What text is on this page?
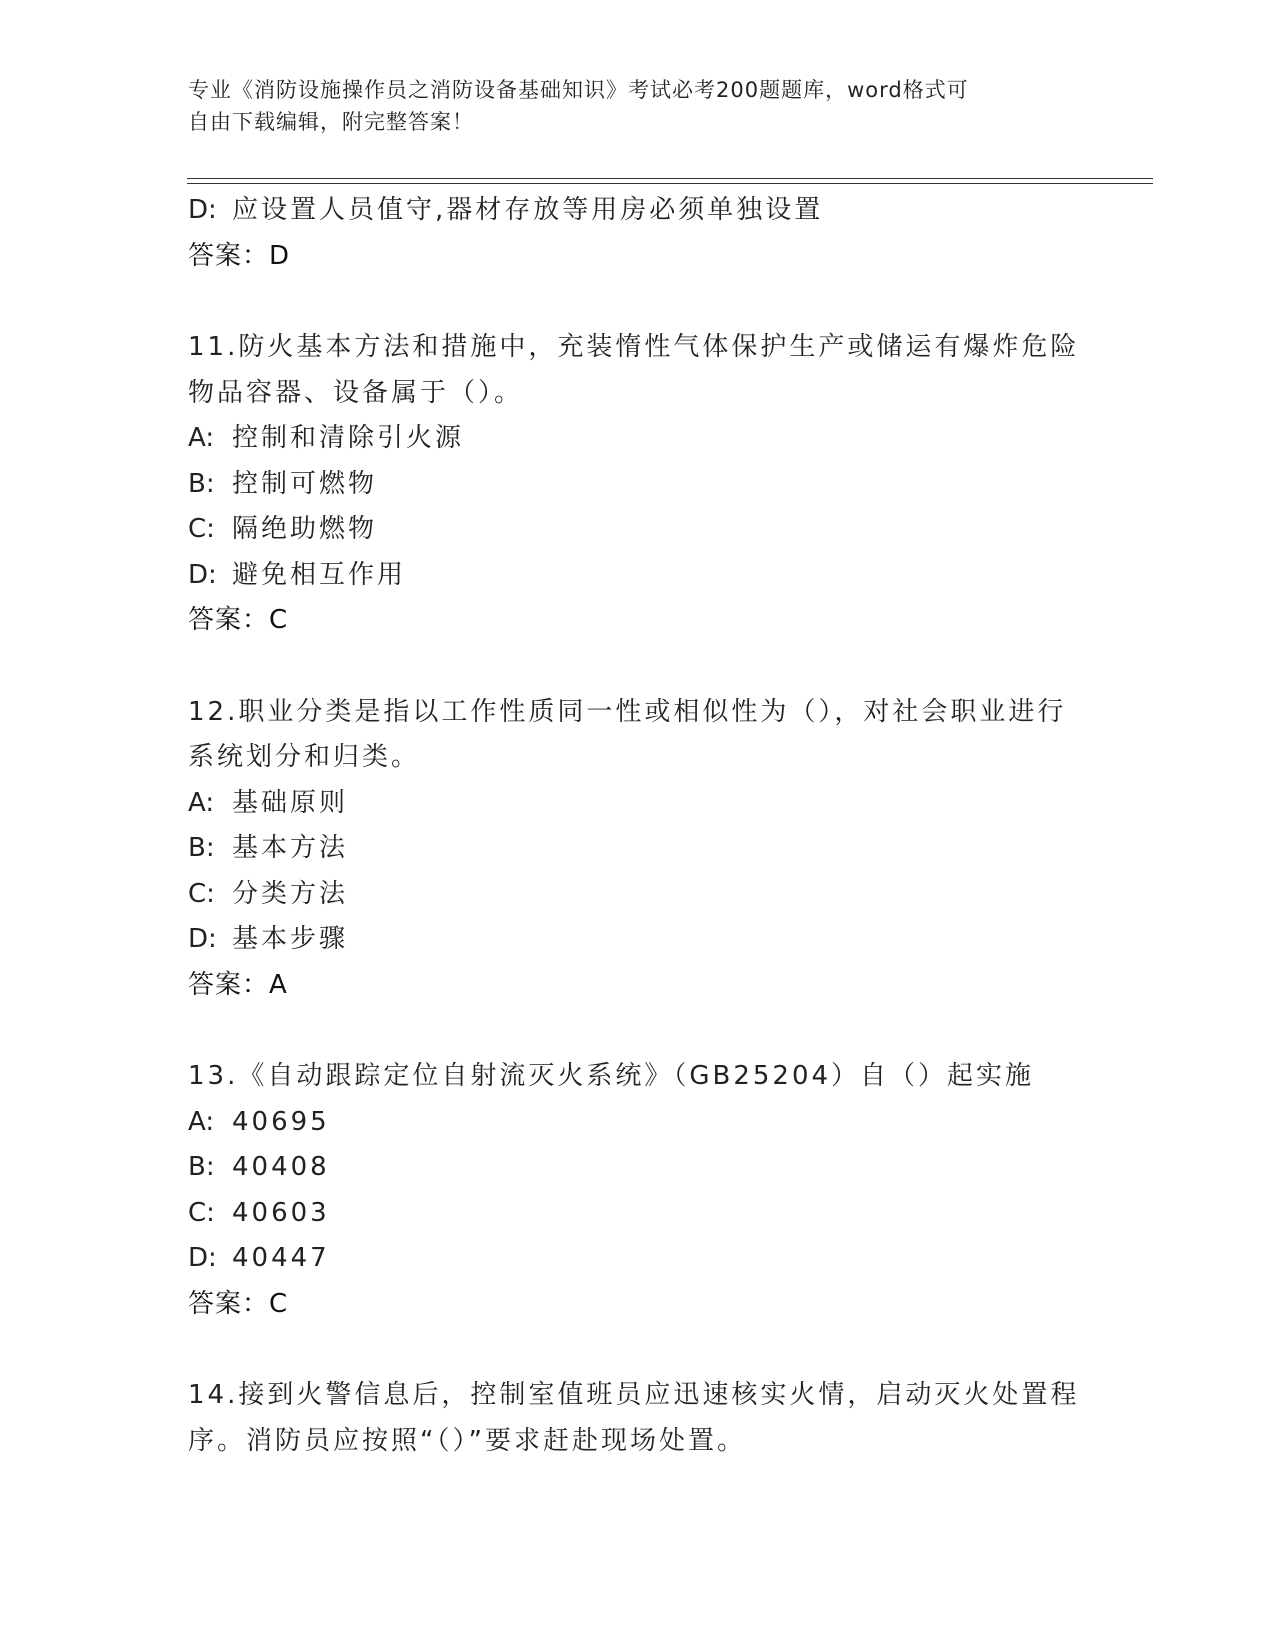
专业《消防设施操作员之消防设备基础知识》考试必考200题题库，word格式可
自由下载编辑，附完整答案！
D: 应设置人员值守,器材存放等用房必须单独设置
答案：D
11.防火基本方法和措施中，充装惰性气体保护生产或储运有爆炸危险
物品容器、设备属于（）。
A: 控制和清除引火源
B: 控制可燃物
C: 隔绝助燃物
D: 避免相互作用
答案：C
12.职业分类是指以工作性质同一性或相似性为（），对社会职业进行
系统划分和归类。
A: 基础原则
B: 基本方法
C: 分类方法
D: 基本步骤
答案：A
13.《自动跟踪定位自射流灭火系统》（GB25204）自（）起实施
A: 40695
B: 40408
C: 40603
D: 40447
答案：C
14.接到火警信息后，控制室值班员应迅速核实火情，启动灭火处置程
序。消防员应按照“（）”要求赶赴现场处置。
